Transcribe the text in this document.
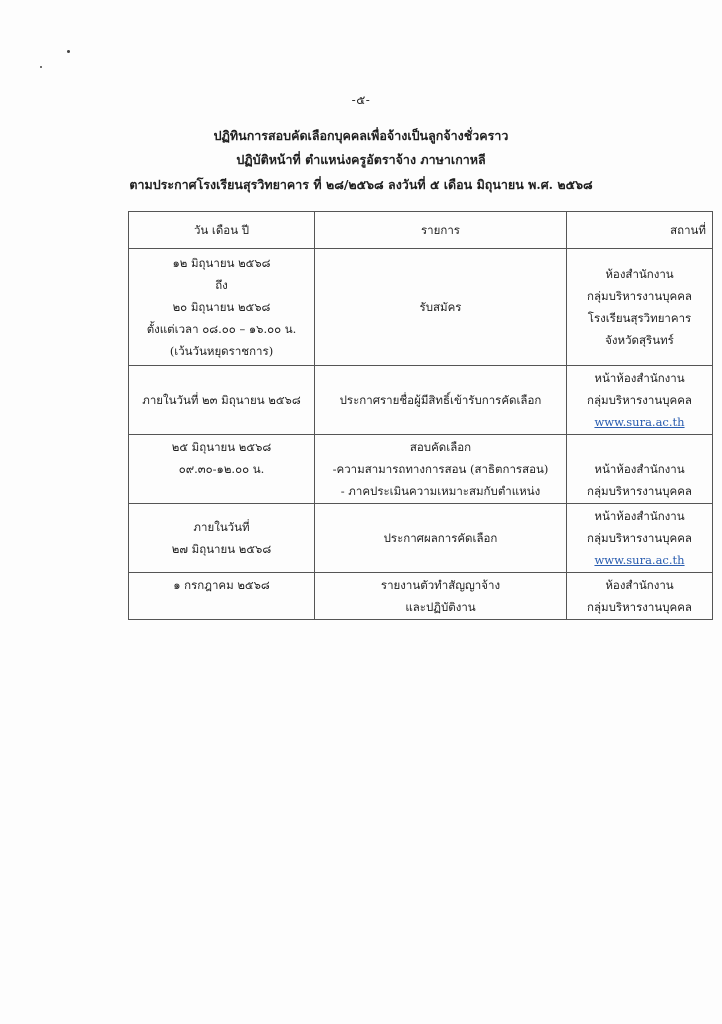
-๕-
ปฏิทินการสอบคัดเลือกบุคคลเพื่อจ้างเป็นลูกจ้างชั่วคราว
ปฏิบัติหน้าที่ ตำแหน่งครูอัตราจ้าง ภาษาเกาหลี
ตามประกาศโรงเรียนสุรวิทยาคาร ที่ ๒๘/๒๕๖๘ ลงวันที่ ๕ เดือน มิถุนายน พ.ศ. ๒๕๖๘
วัน เดือน ปี	รายการ	สถานที่

๑๒ มิถุนายน ๒๕๖๘
ถึง
๒๐ มิถุนายน ๒๕๖๘
ตั้งแต่เวลา ๐๘.๐๐ – ๑๖.๐๐ น.
(เว้นวันหยุดราชการ)	รับสมัคร	ห้องสำนักงาน
กลุ่มบริหารงานบุคคล
โรงเรียนสุรวิทยาคาร
จังหวัดสุรินทร์

ภายในวันที่ ๒๓ มิถุนายน ๒๕๖๘	ประกาศรายชื่อผู้มีสิทธิ์เข้ารับการคัดเลือก	หน้าห้องสำนักงาน
กลุ่มบริหารงานบุคคล
www.sura.ac.th

๒๕ มิถุนายน ๒๕๖๘
๐๙.๓๐-๑๒.๐๐ น.	สอบคัดเลือก
-ความสามารถทางการสอน (สาธิตการสอน)
- ภาคประเมินความเหมาะสมกับตำแหน่ง	หน้าห้องสำนักงาน
กลุ่มบริหารงานบุคคล

ภายในวันที่
๒๗ มิถุนายน ๒๕๖๘	ประกาศผลการคัดเลือก	หน้าห้องสำนักงาน
กลุ่มบริหารงานบุคคล
www.sura.ac.th

๑ กรกฎาคม ๒๕๖๘	รายงานตัวทำสัญญาจ้าง
และปฏิบัติงาน	ห้องสำนักงาน
กลุ่มบริหารงานบุคคล
